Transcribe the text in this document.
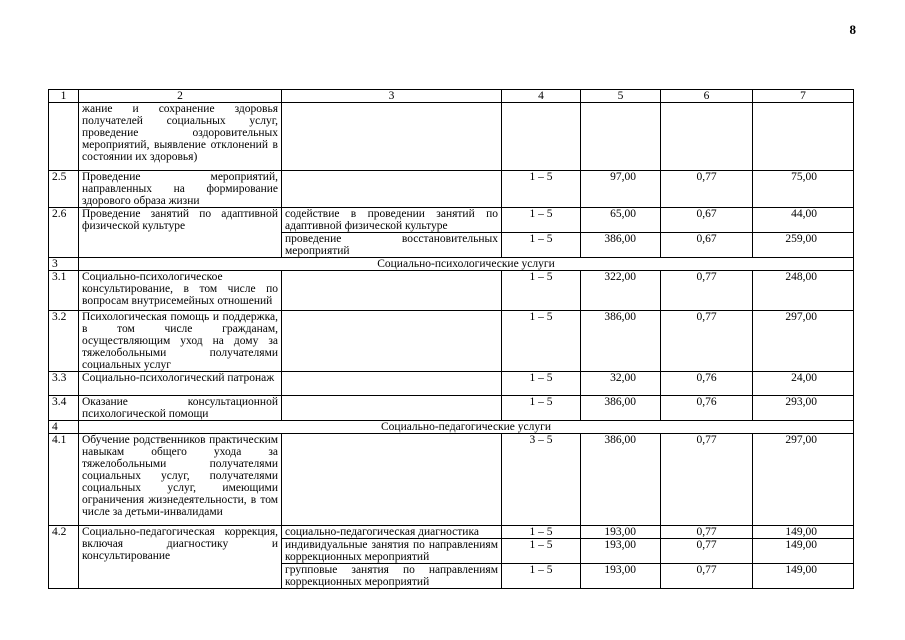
8
1	2	3	4	5	6	7
	жание и сохранение здоровья получателей социальных услуг, проведение оздоровительных мероприятий, выявление отклонений в состоянии их здоровья)					
2.5	Проведение мероприятий, направленных на формирование здорового образа жизни		1 – 5	97,00	0,77	75,00
2.6	Проведение занятий по адаптивной физической культуре	содействие в проведении занятий по адаптивной физической культуре	1 – 5	65,00	0,67	44,00
		проведение восстановительных мероприятий	1 – 5	386,00	0,67	259,00
3	Социально-психологические услуги					
3.1	Социально-психологическое консультирование, в том числе по вопросам внутрисемейных отношений		1 – 5	322,00	0,77	248,00
3.2	Психологическая помощь и поддержка, в том числе гражданам, осуществляющим уход на дому за тяжелобольными получателями социальных услуг		1 – 5	386,00	0,77	297,00
3.3	Социально-психологический патронаж		1 – 5	32,00	0,76	24,00
3.4	Оказание консультационной психологической помощи		1 – 5	386,00	0,76	293,00
4	Социально-педагогические услуги					
4.1	Обучение родственников практическим навыкам общего ухода за тяжелобольными получателями социальных услуг, получателями социальных услуг, имеющими ограничения жизнедеятельности, в том числе за детьми-инвалидами		3 – 5	386,00	0,77	297,00
4.2	Социально-педагогическая коррекция, включая диагностику и консультирование	социально-педагогическая диагностика	1 – 5	193,00	0,77	149,00
		индивидуальные занятия по направлениям коррекционных мероприятий	1 – 5	193,00	0,77	149,00
		групповые занятия по направлениям коррекционных мероприятий	1 – 5	193,00	0,77	149,00
